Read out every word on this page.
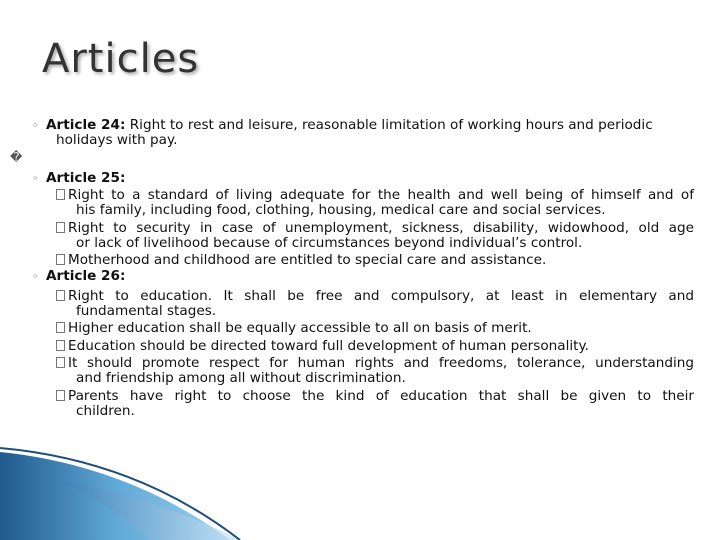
Articles
◦ Article 24: Right to rest and leisure, reasonable limitation of working hours and periodic
holidays with pay.
�
◦ Article 25:
Right to a standard of living adequate for the health and well being of himself and of
his family, including food, clothing, housing, medical care and social services.
Right to security in case of unemployment, sickness, disability, widowhood, old age
or lack of livelihood because of circumstances beyond individual’s control.
Motherhood and childhood are entitled to special care and assistance.
◦ Article 26:
Right to education. It shall be free and compulsory, at least in elementary and
fundamental stages.
Higher education shall be equally accessible to all on basis of merit.
Education should be directed toward full development of human personality.
It should promote respect for human rights and freedoms, tolerance, understanding
and friendship among all without discrimination.
Parents have right to choose the kind of education that shall be given to their
children.
